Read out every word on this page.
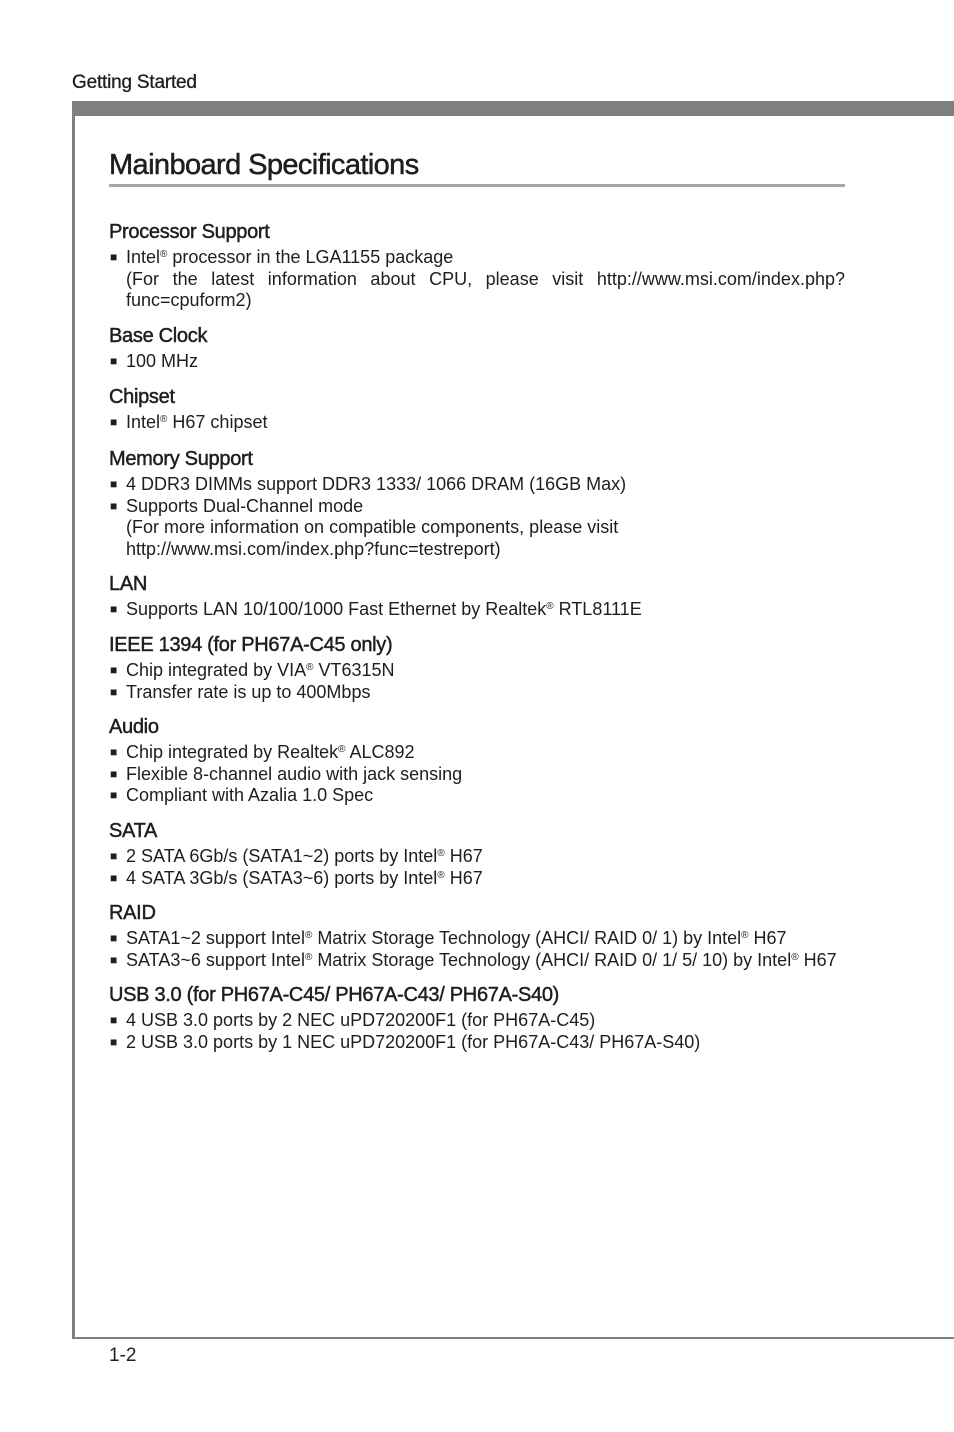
Getting Started
Mainboard Specifications
Processor Support
■ Intel® processor in the LGA1155 package
(For the latest information about CPU, please visit http://www.msi.com/index.php?func=cpuform2)
Base Clock
■ 100 MHz
Chipset
■ Intel® H67 chipset
Memory Support
■ 4 DDR3 DIMMs support DDR3 1333/ 1066 DRAM (16GB Max)
■ Supports Dual-Channel mode
(For more information on compatible components, please visit
http://www.msi.com/index.php?func=testreport)
LAN
■ Supports LAN 10/100/1000 Fast Ethernet by Realtek® RTL8111E
IEEE 1394 (for PH67A-C45 only)
■ Chip integrated by VIA® VT6315N
■ Transfer rate is up to 400Mbps
Audio
■ Chip integrated by Realtek® ALC892
■ Flexible 8-channel audio with jack sensing
■ Compliant with Azalia 1.0 Spec
SATA
■ 2 SATA 6Gb/s (SATA1~2) ports by Intel® H67
■ 4 SATA 3Gb/s (SATA3~6) ports by Intel® H67
RAID
■ SATA1~2 support Intel® Matrix Storage Technology (AHCI/ RAID 0/ 1) by Intel® H67
■ SATA3~6 support Intel® Matrix Storage Technology (AHCI/ RAID 0/ 1/ 5/ 10) by Intel® H67
USB 3.0 (for PH67A-C45/ PH67A-C43/ PH67A-S40)
■ 4 USB 3.0 ports by 2 NEC uPD720200F1 (for PH67A-C45)
■ 2 USB 3.0 ports by 1 NEC uPD720200F1 (for PH67A-C43/ PH67A-S40)
1-2
